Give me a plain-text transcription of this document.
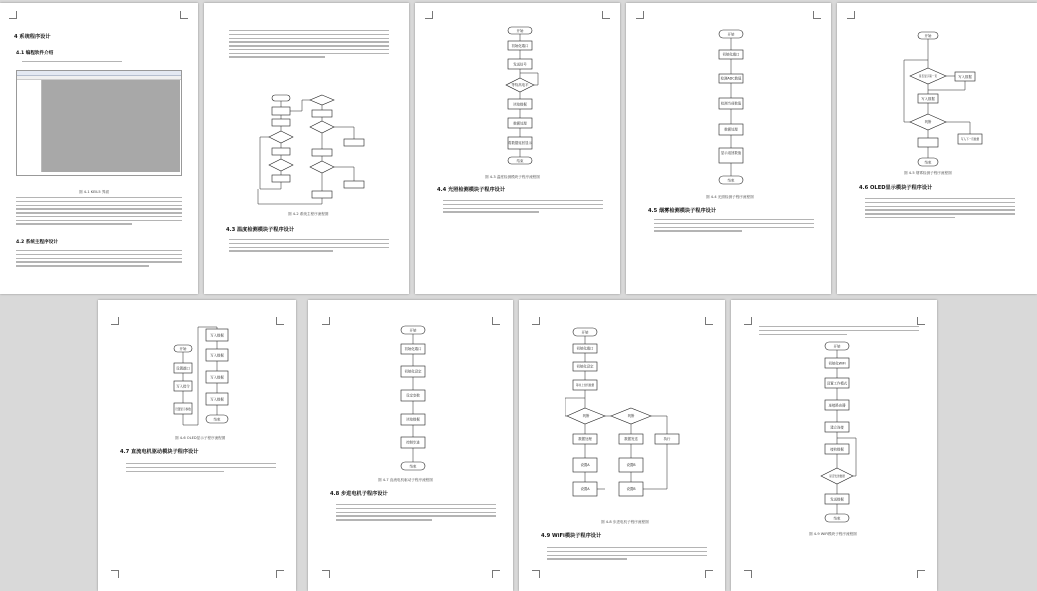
4 系统程序设计
4.1 编程软件介绍
图 4-1 KEIL5 界面
4.2 系统主程序设计
图 4-2 系统主程序流程图
4.3 温度检测模块子程序设计
开始
初始化端口
发送信号
等待高电平
读取数据
数据处理
将数据返回显示
结束
图 4-3 温度检测模块子程序流程图
4.4 光照检测模块子程序设计
开始
初始化端口
检测ADC数值
检测当前数值
数据处理
显示返回数值
结束
图 4-4 光照检测子程序流程图
4.5 烟雾检测模块子程序设计
开始
是否显示第一页
写入数据
判断
写入数据
写入下一页数据
结束
图 4-5 烟雾检测子程序流程图
4.6 OLED显示模块子程序设计
开始
设置端口
写入指令
设置显示参数
写入数据
写入数据
写入数据
写入数据
结束
图 4-6 OLED显示子程序流程图
4.7 直流电机驱动模块子程序设计
开始
初始化端口
初始化设定
设定参数
读取数据
控制步进
结束
图 4-7 直流电机驱动子程序流程图
4.8 步进电机子程序设计
开始
初始化端口
初始化设定
等待上位机数据
判断	判断
数据处理	数据发送	执行
设置A	设置B
设置A	设置B
图 4-8 步进电机子程序流程图
4.9 WiFi模块子程序设计
开始
初始化WiFi
设置工作模式
连接路由器
建立连接
接收数据
是否发送数据
发送数据
结束
图 4-9 WiFi模块子程序流程图
